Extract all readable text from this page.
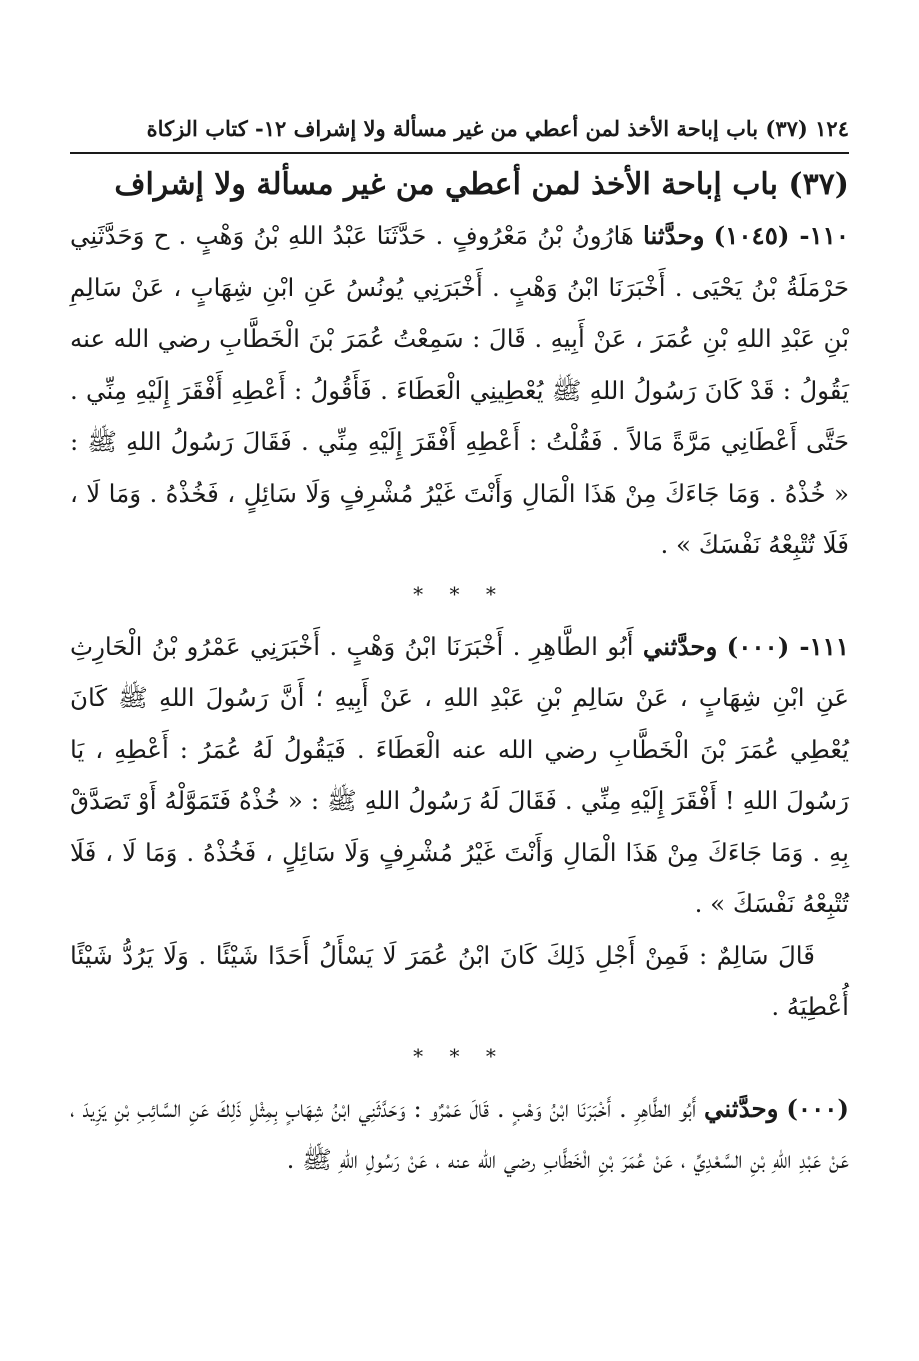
١٢٤ (٣٧) باب إباحة الأخذ لمن أعطي من غير مسألة ولا إشراف ١٢- كتاب الزكاة
(٣٧) باب إباحة الأخذ لمن أعطي من غير مسألة ولا إشراف

١١٠- (١٠٤٥) وحدَّثنا هَارُونُ بْنُ مَعْرُوفٍ . حَدَّثَنَا عَبْدُ اللهِ بْنُ وَهْبٍ . ح وَحَدَّثَنِي حَرْمَلَةُ بْنُ يَحْيَى . أَخْبَرَنَا ابْنُ وَهْبٍ . أَخْبَرَنِي يُونُسُ عَنِ ابْنِ شِهَابٍ ، عَنْ سَالِمِ بْنِ عَبْدِ اللهِ بْنِ عُمَرَ ، عَنْ أَبِيهِ . قَالَ : سَمِعْتُ عُمَرَ بْنَ الْخَطَّابِ رضي الله عنه يَقُولُ : قَدْ كَانَ رَسُولُ اللهِ ﷺ يُعْطِينِي الْعَطَاءَ . فَأَقُولُ : أَعْطِهِ أَفْقَرَ إِلَيْهِ مِنِّي . حَتَّى أَعْطَانِي مَرَّةً مَالاً . فَقُلْتُ : أَعْطِهِ أَفْقَرَ إِلَيْهِ مِنِّي . فَقَالَ رَسُولُ اللهِ ﷺ : « خُذْهُ . وَمَا جَاءَكَ مِنْ هَذَا الْمَالِ وَأَنْتَ غَيْرُ مُشْرِفٍ وَلَا سَائِلٍ ، فَخُذْهُ . وَمَا لَا ، فَلَا تُتْبِعْهُ نَفْسَكَ » .

* * *

١١١- (٠٠٠) وحدَّثني أَبُو الطَّاهِرِ . أَخْبَرَنَا ابْنُ وَهْبٍ . أَخْبَرَنِي عَمْرُو بْنُ الْحَارِثِ عَنِ ابْنِ شِهَابٍ ، عَنْ سَالِمِ بْنِ عَبْدِ اللهِ ، عَنْ أَبِيهِ ؛ أَنَّ رَسُولَ اللهِ ﷺ كَانَ يُعْطِي عُمَرَ بْنَ الْخَطَّابِ رضي الله عنه الْعَطَاءَ . فَيَقُولُ لَهُ عُمَرُ : أَعْطِهِ ، يَا رَسُولَ اللهِ ! أَفْقَرَ إِلَيْهِ مِنِّي . فَقَالَ لَهُ رَسُولُ اللهِ ﷺ : « خُذْهُ فَتَمَوَّلْهُ أَوْ تَصَدَّقْ بِهِ . وَمَا جَاءَكَ مِنْ هَذَا الْمَالِ وَأَنْتَ غَيْرُ مُشْرِفٍ وَلَا سَائِلٍ ، فَخُذْهُ . وَمَا لَا ، فَلَا تُتْبِعْهُ نَفْسَكَ » .

قَالَ سَالِمٌ : فَمِنْ أَجْلِ ذَلِكَ كَانَ ابْنُ عُمَرَ لَا يَسْأَلُ أَحَدًا شَيْئًا . وَلَا يَرُدُّ شَيْئًا أُعْطِيَهُ .

* * *

(٠٠٠) وحدَّثني أَبُو الطَّاهِرِ . أَخْبَرَنَا ابْنُ وَهْبٍ . قَالَ عَمْرٌو : وَحَدَّثَنِي ابْنُ شِهَابٍ بِمِثْلِ ذَلِكَ عَنِ السَّائِبِ بْنِ يَزِيدَ ، عَنْ عَبْدِ اللهِ بْنِ السَّعْدِيِّ ، عَنْ عُمَرَ بْنِ الْخَطَّابِ رضي الله عنه ، عَنْ رَسُولِ اللهِ ﷺ .
